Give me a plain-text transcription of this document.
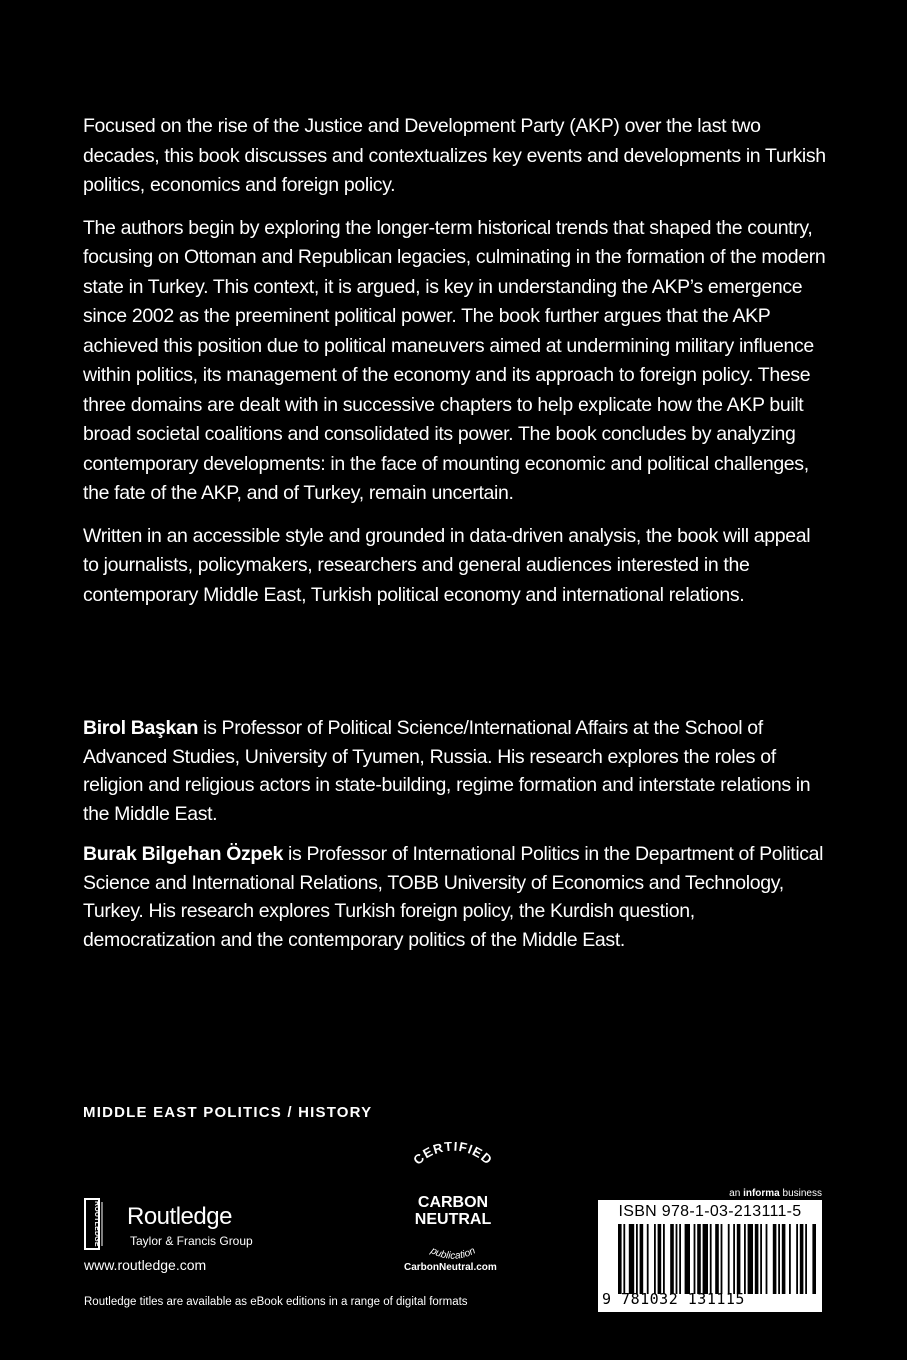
Focused on the rise of the Justice and Development Party (AKP) over the last two decades, this book discusses and contextualizes key events and developments in Turkish politics, economics and foreign policy.

The authors begin by exploring the longer-term historical trends that shaped the country, focusing on Ottoman and Republican legacies, culminating in the formation of the modern state in Turkey. This context, it is argued, is key in understanding the AKP’s emergence since 2002 as the preeminent political power. The book further argues that the AKP achieved this position due to political maneuvers aimed at undermining military influence within politics, its management of the economy and its approach to foreign policy. These three domains are dealt with in successive chapters to help explicate how the AKP built broad societal coalitions and consolidated its power. The book concludes by analyzing contemporary developments: in the face of mounting economic and political challenges, the fate of the AKP, and of Turkey, remain uncertain.

Written in an accessible style and grounded in data-driven analysis, the book will appeal to journalists, policymakers, researchers and general audiences interested in the contemporary Middle East, Turkish political economy and international relations.

Birol Başkan is Professor of Political Science/International Affairs at the School of Advanced Studies, University of Tyumen, Russia. His research explores the roles of religion and religious actors in state-building, regime formation and interstate relations in the Middle East.

Burak Bilgehan Özpek is Professor of International Politics in the Department of Political Science and International Relations, TOBB University of Economics and Technology, Turkey. His research explores Turkish foreign policy, the Kurdish question, democratization and the contemporary politics of the Middle East.

MIDDLE EAST POLITICS / HISTORY
ROUTLEDGE Routledge
Taylor & Francis Group
www.routledge.com
Routledge titles are available as eBook editions in a range of digital formats
CERTIFIED
CARBON
NEUTRAL
publication
CarbonNeutral.com
an informa business
ISBN 978-1-03-213111-5
9 781032 131115
